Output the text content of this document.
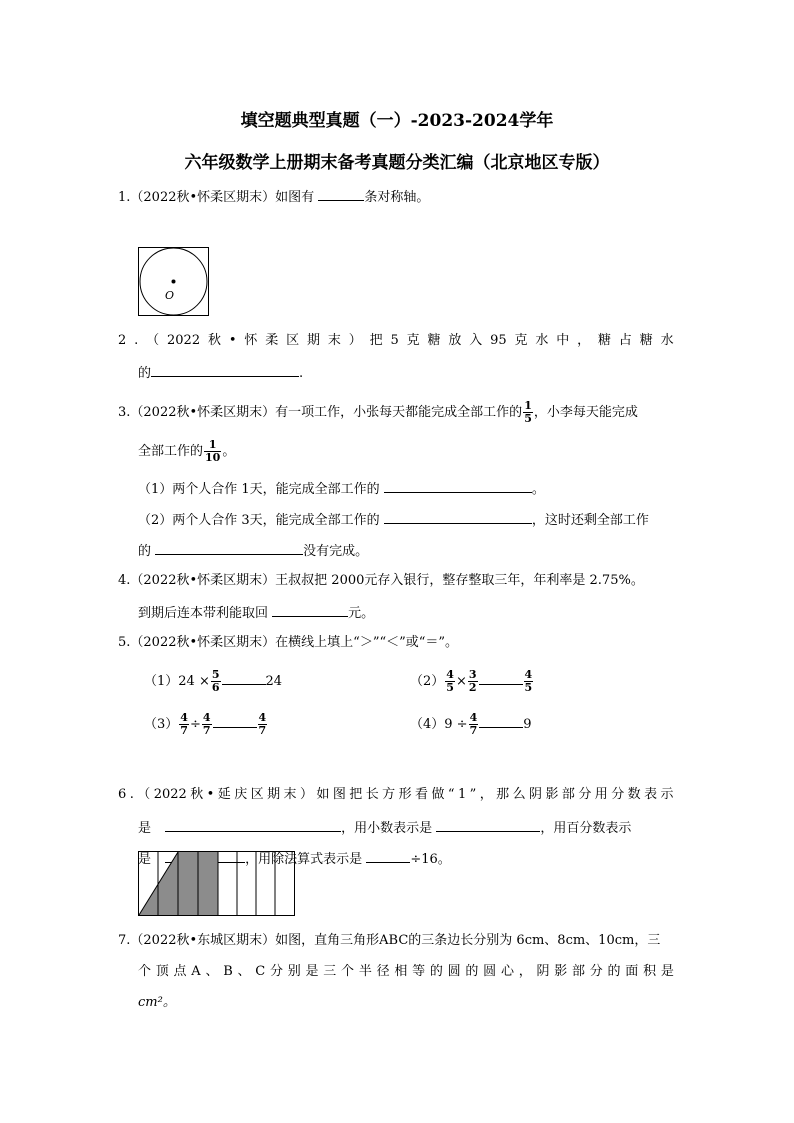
填空题典型真题（一）-2023-2024学年
六年级数学上册期末备考真题分类汇编（北京地区专版）
1.（2022秋•怀柔区期末）如图有	条对称轴。
O
2 . （ 2022 秋 • 怀 柔 区 期 末 ） 把 5 克 糖 放 入 95 克 水 中 ， 糖 占 糖 水
的	.
3.（2022秋•怀柔区期末）有一项工作，小张每天都能完成全部工作的 $\frac{1}{5}$ ，小李每天能完成
全部工作的 $\frac{1}{10}$ 。
（1）两个人合作 1天，能完成全部工作的	。
（2）两个人合作 3天，能完成全部工作的	，这时还剩全部工作
的	没有完成。
4.（2022秋•怀柔区期末）王叔叔把 2000元存入银行，整存整取三年，年利率是 2.75%。
到期后连本带利能取回	元。
5.（2022秋•怀柔区期末）在横线上填上“＞”“＜”或“＝”。
$(1)24 \times \frac{5}{6}$	24	$(2) \frac{4}{5} \times \frac{3}{2}$	$\frac{4}{5}$
$(3) \frac{4}{7} \div \frac{4}{7}$	$\frac{4}{7}$	$(4)9 \div \frac{4}{7}$	9
6 . （ 2022 秋 • 延 庆 区 期 末 ） 如 图 把 长 方 形 看 做 “ 1 ” ， 那 么 阴 影 部 分 用 分 数 表 示
是	，用小数表示是	，用百分数表示
是	，用除法算式表示是	÷16。
7.（2022秋•东城区期末）如图，直角三角形ABC的三条边长分别为 6cm、8cm、10cm，三
个 顶 点 A 、 B 、 C 分 别 是 三 个 半 径 相 等 的 圆 的 圆 心 ， 阴 影 部 分 的 面 积 是
cm²。
